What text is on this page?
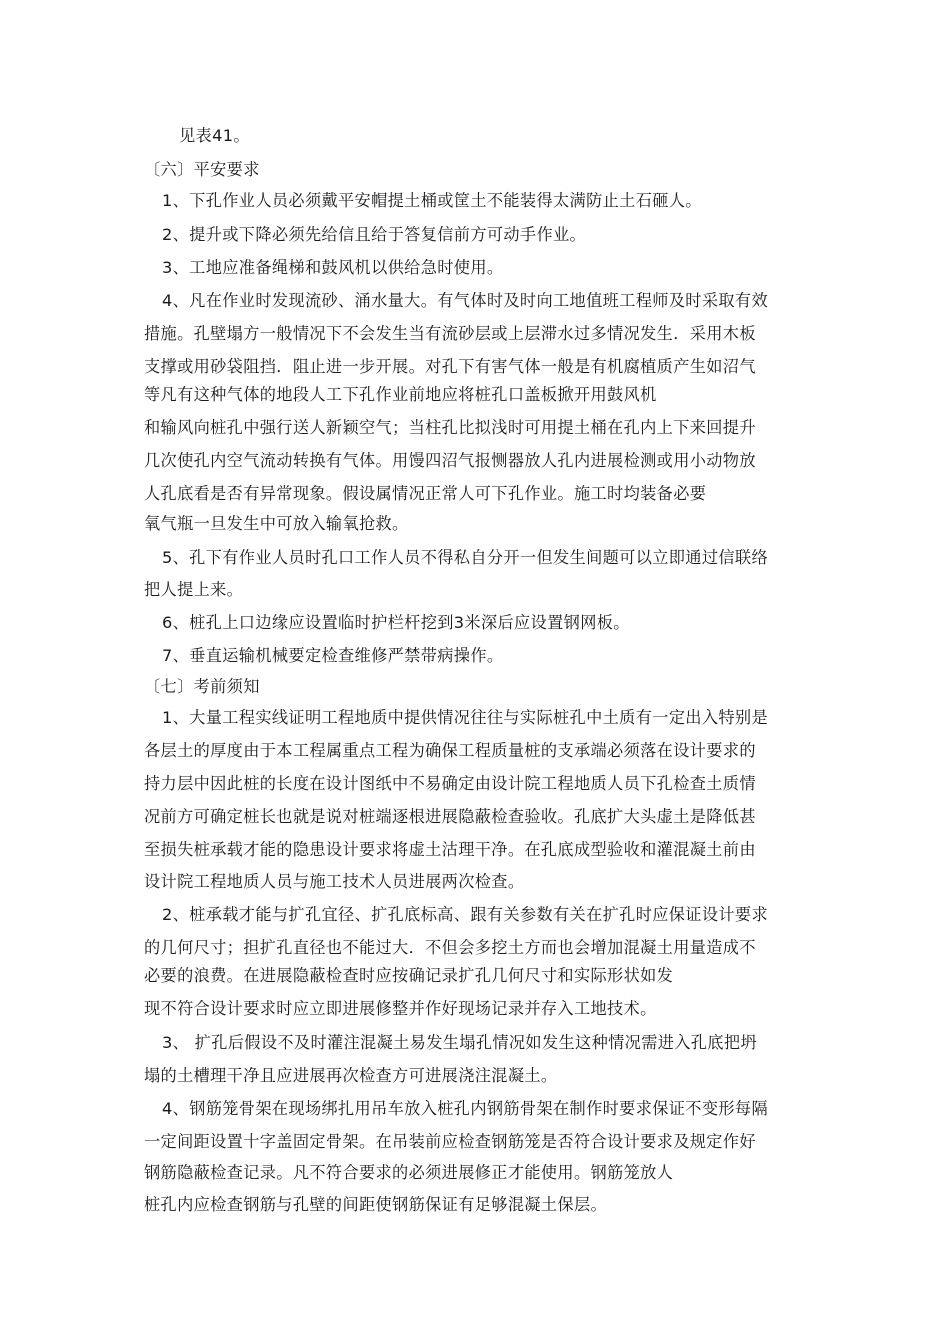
见表41。
〔六〕平安要求
1、下孔作业人员必须戴平安帽提土桶或筐土不能装得太满防止土石砸人。
2、提升或下降必须先给信且给于答复信前方可动手作业。
3、工地应准备绳梯和鼓风机以供给急时使用。
4、凡在作业时发现流砂、涌水量大。有气体时及时向工地值班工程师及时采取有效
措施。孔壁塌方一般情况下不会发生当有流砂层或上层滞水过多情况发生．采用木板
支撑或用砂袋阻挡．阻止进一步开展。对孔下有害气体一般是有机腐植质产生如沼气
等凡有这种气体的地段人工下孔作业前地应将桩孔口盖板掀开用鼓风机
和输风向桩孔中强行送人新颖空气；当柱孔比拟浅时可用提土桶在孔内上下来回提升
几次使孔内空气流动转换有气体。用馒四沼气报恻器放人孔内进展检测或用小动物放
人孔底看是否有异常现象。假设属情况正常人可下孔作业。施工时均装备必要
氧气瓶一旦发生中可放入输氧抢救。
5、孔下有作业人员时孔口工作人员不得私自分开一但发生间题可以立即通过信联络
把人提上来。
6、桩孔上口边缘应设置临时护栏杆挖到3米深后应设置钢网板。
7、垂直运输机械要定检查维修严禁带病操作。
〔七〕考前须知
1、大量工程实线证明工程地质中提供情况往往与实际桩孔中土质有一定出入特别是
各层土的厚度由于本工程属重点工程为确保工程质量桩的支承端必须落在设计要求的
持力层中因此桩的长度在设计图纸中不易确定由设计院工程地质人员下孔检查土质情
况前方可确定桩长也就是说对桩端逐根进展隐蔽检查验收。孔底扩大头虚土是降低甚
至损失桩承载才能的隐患设计要求将虚土沽理干净。在孔底成型验收和灌混凝土前由
设计院工程地质人员与施工技术人员进展两次检查。
2、桩承载才能与扩孔宜径、扩孔底标高、跟有关参数有关在扩孔时应保证设计要求
的几何尺寸；担扩孔直径也不能过大．不但会多挖土方而也会增加混凝土用量造成不
必要的浪费。在进展隐蔽检查时应按确记录扩孔几何尺寸和实际形状如发
现不符合设计要求时应立即进展修整并作好现场记录并存入工地技术。
3、 扩孔后假设不及时灌注混凝土易发生塌孔情况如发生这种情况需进入孔底把坍
塌的土槽理干净且应进展再次检查方可进展浇注混凝土。
4、钢筋笼骨架在现场绑扎用吊车放入桩孔内钢筋骨架在制作时要求保证不变形每隔
一定间距设置十字盖固定骨架。在吊装前应检查钢筋笼是否符合设计要求及规定作好
钢筋隐蔽检查记录。凡不符合要求的必须进展修正才能使用。钢筋笼放人
桩孔内应检查钢筋与孔壁的间距使钢筋保证有足够混凝土保层。
